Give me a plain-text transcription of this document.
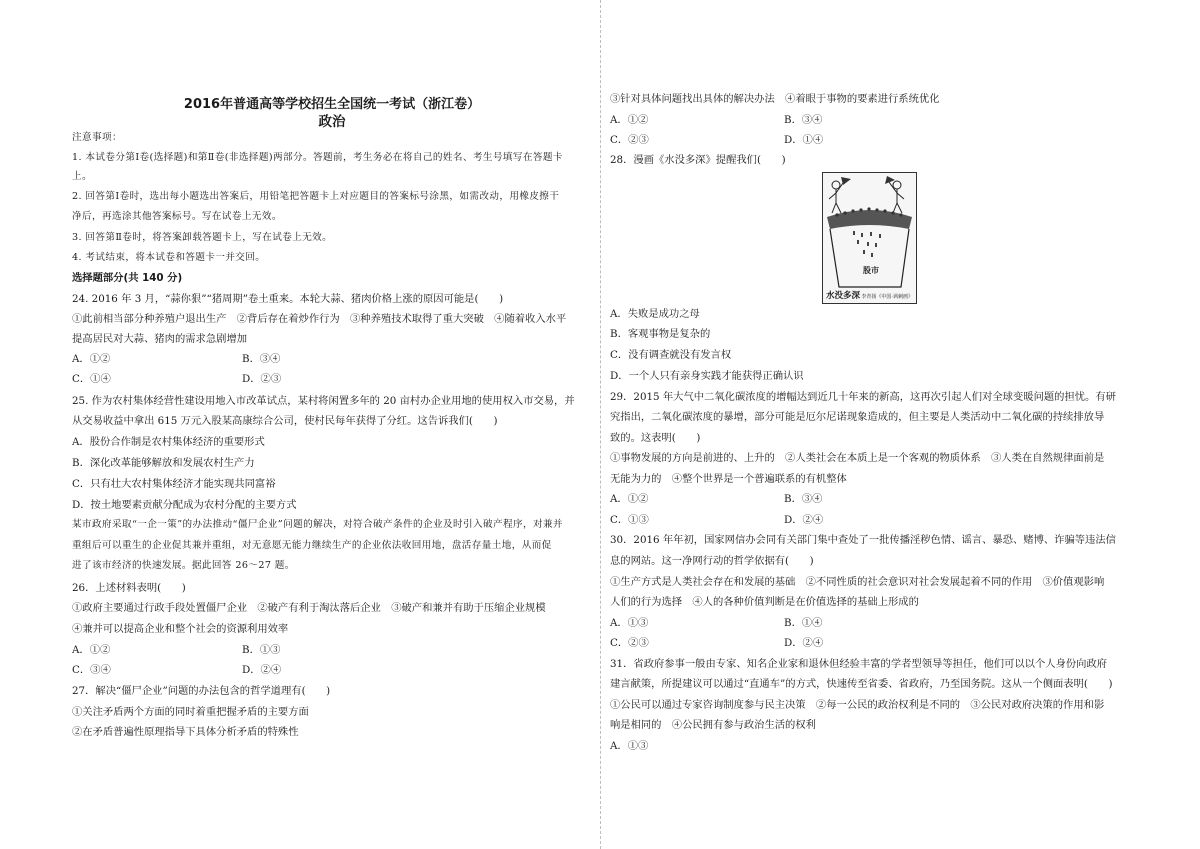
2016年普通高等学校招生全国统一考试（浙江卷）
政治
注意事项：
1. 本试卷分第Ⅰ卷(选择题)和第Ⅱ卷(非选择题)两部分。答题前，考生务必在将自己的姓名、考生号填写在答题卡
上。
2. 回答第Ⅰ卷时，选出每小题选出答案后，用铅笔把答题卡上对应题目的答案标号涂黑，如需改动，用橡皮擦干
净后，再选涂其他答案标号。写在试卷上无效。
3. 回答第Ⅱ卷时，将答案卸载答题卡上，写在试卷上无效。
4. 考试结束，将本试卷和答题卡一并交回。
选择题部分(共 140 分)
24. 2016 年 3 月，“蒜你狠”“猪周期”卷土重来。本轮大蒜、猪肉价格上涨的原因可能是(　　)
①此前相当部分种养殖户退出生产　②背后存在着炒作行为　③种养殖技术取得了重大突破　④随着收入水平
提高居民对大蒜、猪肉的需求急剧增加
A．①②	B．③④
C．①④	D．②③
25. 作为农村集体经营性建设用地入市改革试点，某村将闲置多年的 20 亩村办企业用地的使用权入市交易，并
从交易收益中拿出 615 万元入股某高康综合公司，使村民每年获得了分红。这告诉我们(　　)
A．股份合作制是农村集体经济的重要形式
B．深化改革能够解放和发展农村生产力
C．只有壮大农村集体经济才能实现共同富裕
D．按土地要素贡献分配成为农村分配的主要方式
某市政府采取“一企一策”的办法推动“僵尸企业”问题的解决，对符合破产条件的企业及时引入破产程序，对兼并
重组后可以重生的企业促其兼并重组，对无意愿无能力继续生产的企业依法收回用地，盘活存量土地，从而促
进了该市经济的快速发展。据此回答 26～27 题。
26．上述材料表明(　　)
①政府主要通过行政手段处置僵尸企业　②破产有利于淘汰落后企业　③破产和兼并有助于压缩企业规模
④兼并可以提高企业和整个社会的资源利用效率
A．①②	B．①③
C．③④	D．②④
27．解决“僵尸企业”问题的办法包含的哲学道理有(　　)
①关注矛盾两个方面的同时着重把握矛盾的主要方面
②在矛盾普遍性原理指导下具体分析矛盾的特殊性
③针对具体问题找出具体的解决办法　④着眼于事物的要素进行系统优化
A．①②	B．③④
C．②③	D．①④
28．漫画《水没多深》提醒我们(　　)
股市
水没多深 李青扬《中国·讽刺画》
A．失败是成功之母
B．客观事物是复杂的
C．没有调查就没有发言权
D．一个人只有亲身实践才能获得正确认识
29．2015 年大气中二氧化碳浓度的增幅达到近几十年来的新高，这再次引起人们对全球变暖问题的担忧。有研
究指出，二氧化碳浓度的暴增，部分可能是厄尔尼诺现象造成的，但主要是人类活动中二氧化碳的持续排放导
致的。这表明(　　)
①事物发展的方向是前进的、上升的　②人类社会在本质上是一个客观的物质体系　③人类在自然规律面前是
无能为力的　④整个世界是一个普遍联系的有机整体
A．①②	B．③④
C．①③	D．②④
30．2016 年年初，国家网信办会同有关部门集中查处了一批传播淫秽色情、谣言、暴恐、赌博、诈骗等违法信
息的网站。这一净网行动的哲学依据有(　　)
①生产方式是人类社会存在和发展的基础　②不同性质的社会意识对社会发展起着不同的作用　③价值观影响
人们的行为选择　④人的各种价值判断是在价值选择的基础上形成的
A．①③	B．①④
C．②③	D．②④
31．省政府参事一般由专家、知名企业家和退休但经验丰富的学者型领导等担任，他们可以以个人身份向政府
建言献策，所提建议可以通过“直通车”的方式，快速传至省委、省政府，乃至国务院。这从一个侧面表明(　　)
①公民可以通过专家咨询制度参与民主决策　②每一公民的政治权利是不同的　③公民对政府决策的作用和影
响是相同的　④公民拥有参与政治生活的权利
A．①③
